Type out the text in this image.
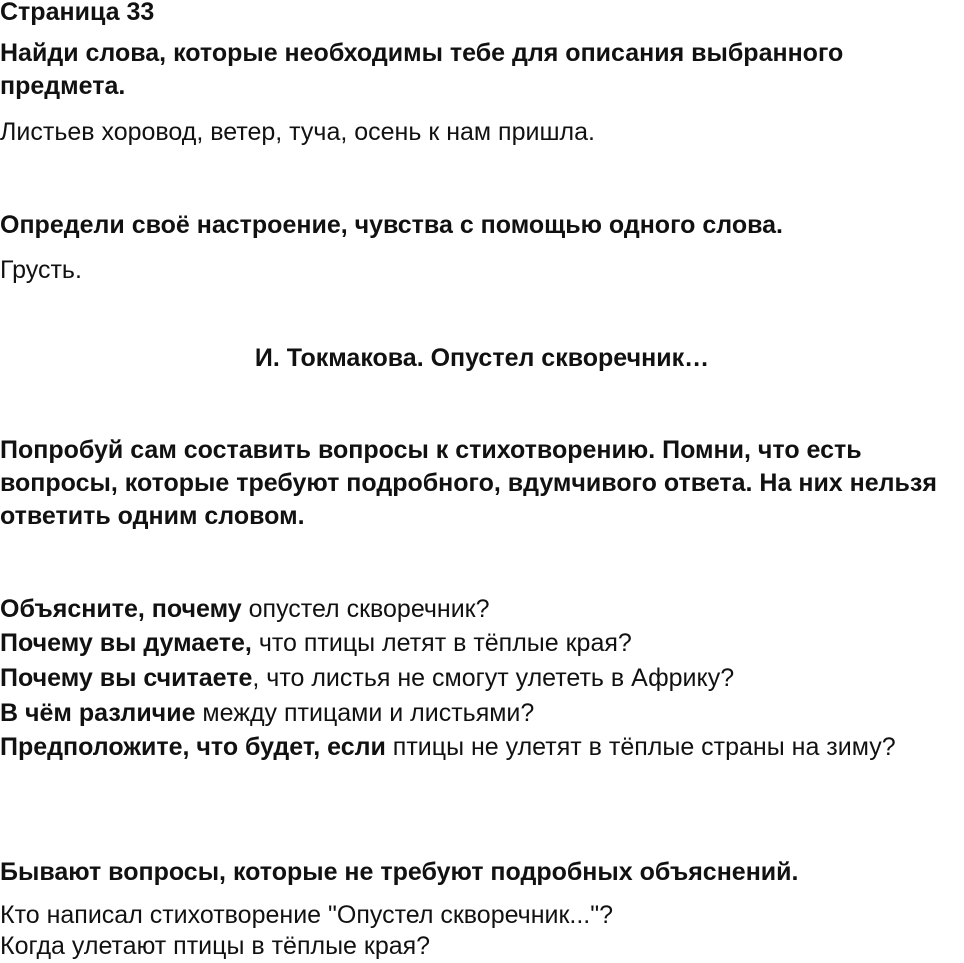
Страница 33

Найди слова, которые необходимы тебе для описания выбранного предмета.

Листьев хоровод, ветер, туча, осень к нам пришла.

Определи своё настроение, чувства с помощью одного слова.

Грусть.

И. Токмакова. Опустел скворечник…

Попробуй сам составить вопросы к стихотворению. Помни, что есть вопросы, которые требуют подробного, вдумчивого ответа. На них нельзя ответить одним словом.

Объясните, почему опустел скворечник?

Почему вы думаете, что птицы летят в тёплые края?

Почему вы считаете, что листья не смогут улететь в Африку?

В чём различие между птицами и листьями?

Предположите, что будет, если птицы не улетят в тёплые страны на зиму?

Бывают вопросы, которые не требуют подробных объяснений.

Кто написал стихотворение "Опустел скворечник..."?

Когда улетают птицы в тёплые края?
